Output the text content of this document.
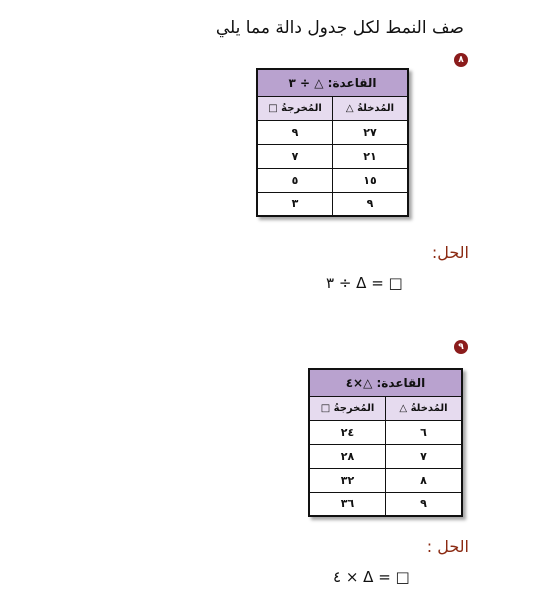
صف النمط لكل جدول دالة مما يلي
٨
القاعدة: △ ÷ ٣	
المُدخلةُ △	المُخرجةُ □
٢٧	٩
٢١	٧
١٥	٥
٩	٣
الحل:
٣ ÷ Δ = □
٩
القاعدة: △×٤	
المُدخلةُ △	المُخرجةُ □
٦	٢٤
٧	٢٨
٨	٣٢
٩	٣٦
الحل :
٤ × Δ = □
